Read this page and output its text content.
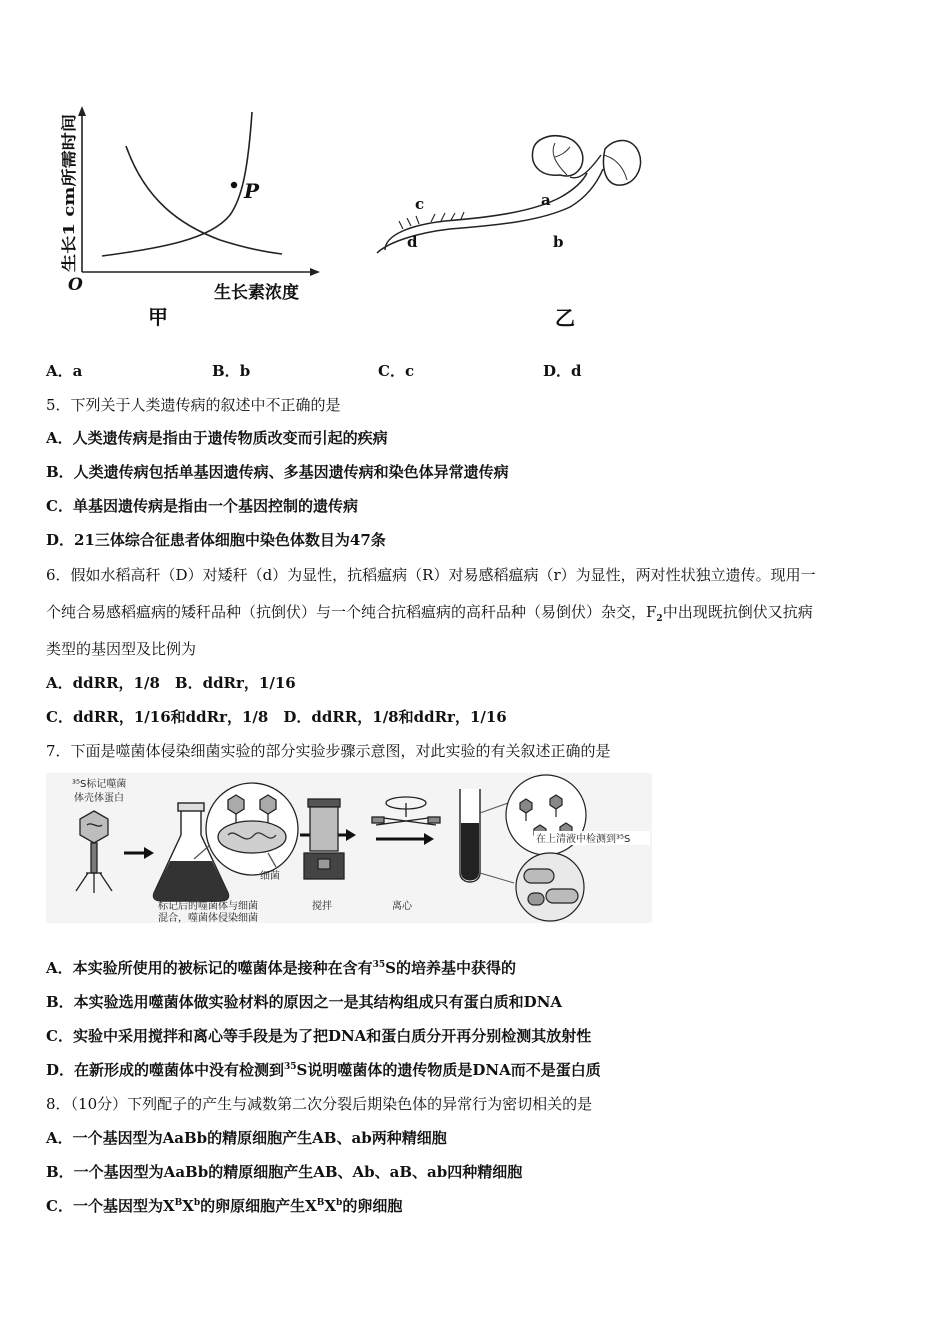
P
生长1 cm所需时间
O	生长素浓度
甲
a
b
c
d
乙
A．a	B．b	C．c	D．d
5．下列关于人类遗传病的叙述中不正确的是
A．人类遗传病是指由于遗传物质改变而引起的疾病
B．人类遗传病包括单基因遗传病、多基因遗传病和染色体异常遗传病
C．单基因遗传病是指由一个基因控制的遗传病
D．21三体综合征患者体细胞中染色体数目为47条
6．假如水稻高秆（D）对矮秆（d）为显性，抗稻瘟病（R）对易感稻瘟病（r）为显性，两对性状独立遗传。现用一
个纯合易感稻瘟病的矮秆品种（抗倒伏）与一个纯合抗稻瘟病的高秆品种（易倒伏）杂交，$F_2$中出现既抗倒伏又抗病
类型的基因型及比例为
A．ddRR，1/8　B．ddRr，1/16
C．ddRR，1/16和ddRr，1/8　D．ddRR，1/8和ddRr，1/16
7．下面是噬菌体侵染细菌实验的部分实验步骤示意图，对此实验的有关叙述正确的是
³⁵S标记噬菌
体壳体蛋白
细菌
标记后的噬菌体与细菌
混合，噬菌体侵染细菌
搅拌	离心
在上清液中检测到³⁵S
A．本实验所使用的被标记的噬菌体是接种在含有$^{35}$S的培养基中获得的
B．本实验选用噬菌体做实验材料的原因之一是其结构组成只有蛋白质和DNA
C．实验中采用搅拌和离心等手段是为了把DNA和蛋白质分开再分别检测其放射性
D．在新形成的噬菌体中没有检测到$^{35}$S说明噬菌体的遗传物质是DNA而不是蛋白质
8．（10分）下列配子的产生与减数第二次分裂后期染色体的异常行为密切相关的是
A．一个基因型为AaBb的精原细胞产生AB、ab两种精细胞
B．一个基因型为AaBb的精原细胞产生AB、Ab、aB、ab四种精细胞
C．一个基因型为$X^BX^b$的卵原细胞产生$X^BX^b$的卵细胞
